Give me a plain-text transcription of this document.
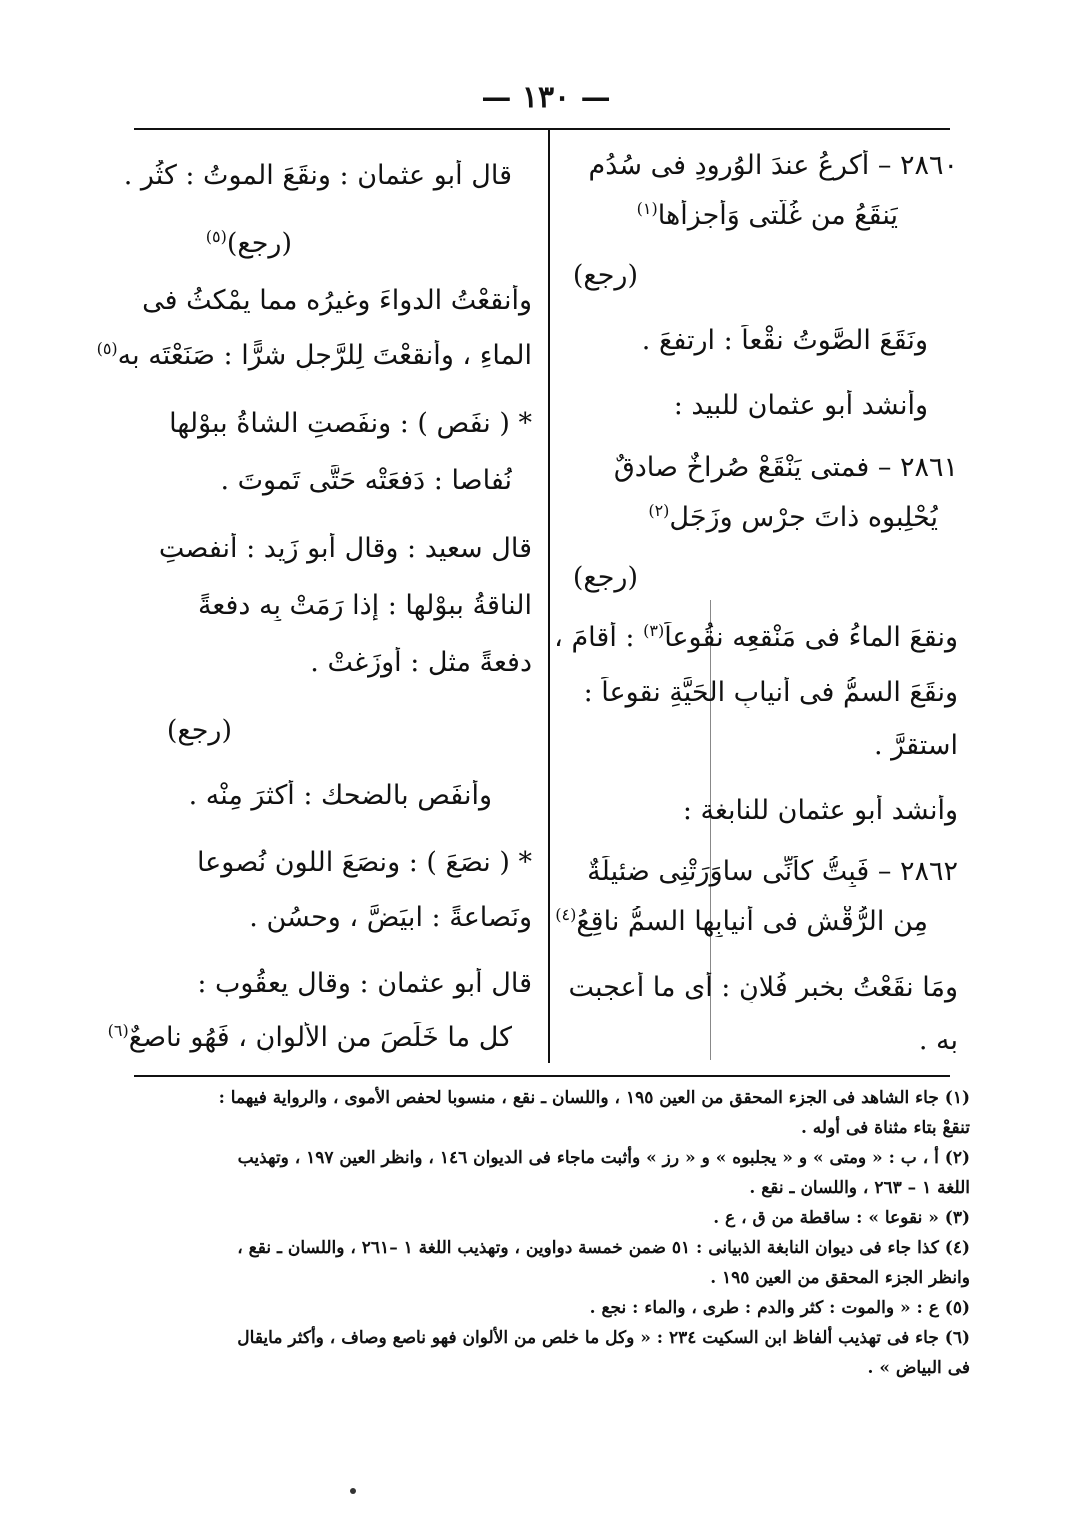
— ١٣٠ —
٢٨٦٠ – أكرعُ عندَ الوُرودِ فى سُدُمٍ
يَنقَعُ من غُلَّتى وَأَجزأُها$^{(١)}$
(رجع)
ونَقَعَ الصَّوتُ نقْعاً : ارتفعَ .
وأَنشد أبو عثمان للبيد :
٢٨٦١ – فمتى يَنْقَعْ صُراخٌ صادقٌ
يُحْلِبوه ذاتَ جرْسٍ وزَجَل$^{(٢)}$
(رجع)
ونقعَ الماءُ فى مَنْقعِه نقُوعاً$^{(٣)}$ : أقامَ ،
ونقَعَ السمُّ فى أنيابِ الحَيَّةِ نقوعاً :
استقرَّ .
وأَنشد أبو عثمان للنابغة :
٢٨٦٢ – فَبِتُّ كأَنِّى ساوَرَتْنِى ضئيلَةٌ
مِن الرُّقْش فى أنيابِها السمُّ ناقِعُ$^{(٤)}$
ومَا نقَعْتُ بخبرِ فُلانٍ : أى ما أعجبت
به .
قال أبو عثمان : ونقَعَ الموتُ : كثُر .
(رجع)$^{(٥)}$
وأَنقعْتُ الدواءَ وغيرُه مما يمْكثُ فى
الماءِ ، وأَنقعْتَ لِلرَّجلِ شرًّا : صَنَعْتَه به$^{(٥)}$
* ( نفَص ) : ونفَصتِ الشاةُ ببوْلها
نُفاصا : دَفعَتْه حَتَّى تَموتَ .
قال سعيد : وقال أبو زَيد : أنفصتِ
الناقةُ ببوْلها : إذا رَمَتْ بِه دفعةً
دفعةً مثل : أوزَغتْ .
(رجع)
وأَنفَص بالضحك : أَكثرَ مِنْه .
* ( نصَعَ ) : ونصَعَ اللون نُصوعا
ونَصاعةً : ابيَضَّ ، وحسُن .
قال أَبو عثمان : وقال يعقُوب :
كل ما خَلَصَ من الأَلوانِ ، فَهُو ناصعٌ$^{(٦)}$
(١) جاء الشاهد فى الجزء المحقق من العين ١٩٥ ، واللسان ـ نقع ، منسوبا لحفص الأموى ، والرواية فيهما :
تنقعْ بتاء مثناة فى أوله .
(٢) أ ، ب : « ومتى » و « يجلبوه » و « رز » وأثبت ماجاء فى الديوان ١٤٦ ، وانظر العين ١٩٧ ، وتهذيب
اللغة ١ – ٢٦٣ ، واللسان ـ نقع .
(٣) « نقوعا » : ساقطة من ق ، ع .
(٤) كذا جاء فى ديوان النابغة الذبيانى : ٥١ ضمن خمسة دواوين ، وتهذيب اللغة ١ –٢٦١ ، واللسان ـ نقع ،
وانظر الجزء المحقق من العين ١٩٥ .
(٥) ع : « والموت : كثر والدم : طرى ، والماء : نجع .
(٦) جاء فى تهذيب ألفاظ ابن السكيت ٢٣٤ : « وكل ما خلص من الألوان فهو ناصع وصاف ، وأكثر مايقال
فى البياض » .
